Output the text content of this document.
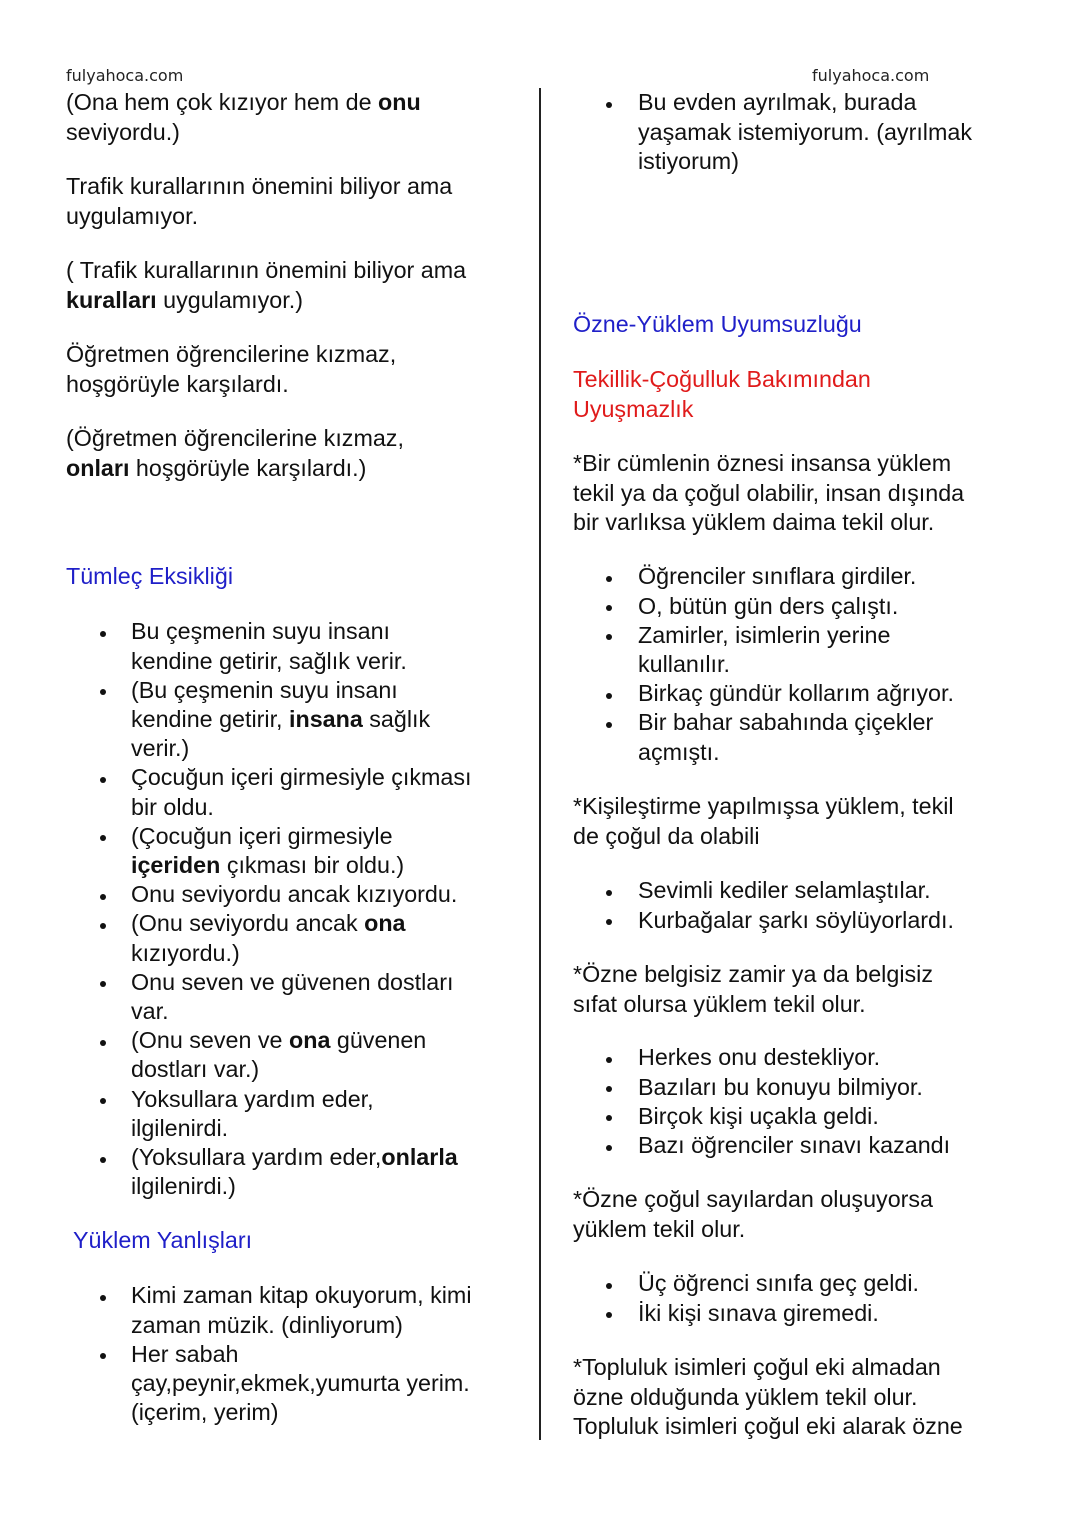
fulyahoca.com	fulyahoca.com
(Ona hem çok kızıyor hem de onu
seviyordu.)
Trafik kurallarının önemini biliyor ama
uygulamıyor.
( Trafik kurallarının önemini biliyor ama
kuralları uygulamıyor.)
Öğretmen öğrencilerine kızmaz,
hoşgörüyle karşılardı.
(Öğretmen öğrencilerine kızmaz,
onları hoşgörüyle karşılardı.)
Tümleç Eksikliği
Bu çeşmenin suyu insanı
kendine getirir, sağlık verir.
(Bu çeşmenin suyu insanı
kendine getirir, insana sağlık
verir.)
Çocuğun içeri girmesiyle çıkması
bir oldu.
(Çocuğun içeri girmesiyle
içeriden çıkması bir oldu.)
Onu seviyordu ancak kızıyordu.
(Onu seviyordu ancak ona
kızıyordu.)
Onu seven ve güvenen dostları
var.
(Onu seven ve ona güvenen
dostları var.)
Yoksullara yardım eder,
ilgilenirdi.
(Yoksullara yardım eder,onlarla
ilgilenirdi.)
Yüklem Yanlışları
Kimi zaman kitap okuyorum, kimi
zaman müzik. (dinliyorum)
Her sabah
çay,peynir,ekmek,yumurta yerim.
(içerim, yerim)
Bu evden ayrılmak, burada
yaşamak istemiyorum. (ayrılmak
istiyorum)
Özne-Yüklem Uyumsuzluğu
Tekillik-Çoğulluk Bakımından
Uyuşmazlık
*Bir cümlenin öznesi insansa yüklem
tekil ya da çoğul olabilir, insan dışında
bir varlıksa yüklem daima tekil olur.
Öğrenciler sınıflara girdiler.
O, bütün gün ders çalıştı.
Zamirler, isimlerin yerine
kullanılır.
Birkaç gündür kollarım ağrıyor.
Bir bahar sabahında çiçekler
açmıştı.
*Kişileştirme yapılmışsa yüklem, tekil
de çoğul da olabili
Sevimli kediler selamlaştılar.
Kurbağalar şarkı söylüyorlardı.
*Özne belgisiz zamir ya da belgisiz
sıfat olursa yüklem tekil olur.
Herkes onu destekliyor.
Bazıları bu konuyu bilmiyor.
Birçok kişi uçakla geldi.
Bazı öğrenciler sınavı kazandı
*Özne çoğul sayılardan oluşuyorsa
yüklem tekil olur.
Üç öğrenci sınıfa geç geldi.
İki kişi sınava giremedi.
*Topluluk isimleri çoğul eki almadan
özne olduğunda yüklem tekil olur.
Topluluk isimleri çoğul eki alarak özne
